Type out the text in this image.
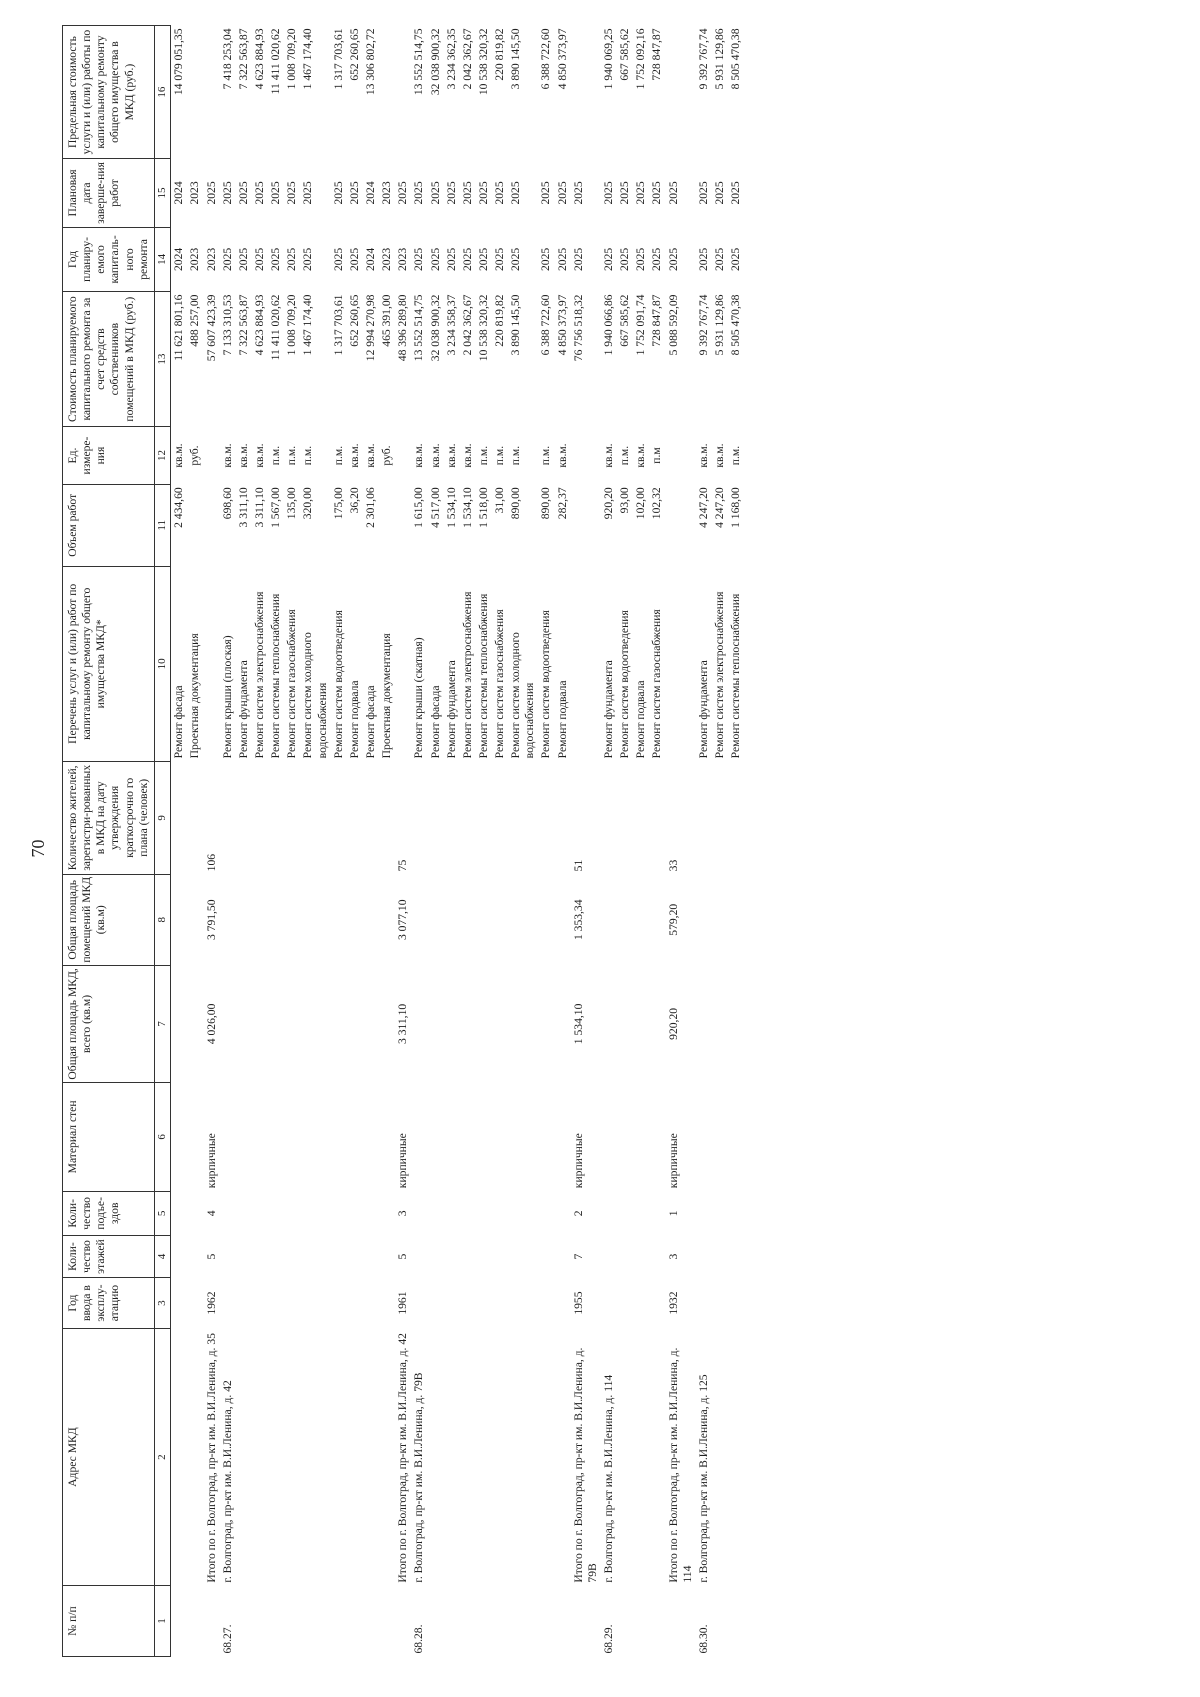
70
№ п/п	Адрес МКД	Год ввода в эксплу-атацию	Коли-чество этажей	Коли-чество подъе-здов	Материал стен	Общая площадь МКД, всего (кв.м)	Общая площадь помещений МКД (кв.м)	Количество жителей, зарегистри-рованных в МКД на дату утверждения краткосрочно го плана (человек)	Перечень услуг и (или) работ по капитальному ремонту общего имущества МКД*	Объем работ	Ед. измере-ния	Стоимость планируемого капитального ремонта за счет средств собственников помещений в МКД (руб.)	Год планиру-емого капиталь-ного ремонта	Плановая дата заверше-ния работ	Предельная стоимость услуги и (или) работы по капитальному ремонту общего имущества в МКД (руб.)
1	2	3	4	5	6	7	8	9	10	11	12	13	14	15	16
									Ремонт фасада	2 434,60	кв.м.	11 621 801,16	2024	2024	14 079 051,35
									Проектная документация		руб.	488 257,00	2023	2023	
	Итого по г. Волгоград, пр-кт им. В.И.Ленина, д. 35	1962	5	4	кирпичные	4 026,00	3 791,50	106				57 607 423,39	2023	2025	
68.27.	г. Волгоград, пр-кт им. В.И.Ленина, д. 42								Ремонт крыши (плоская)	698,60	кв.м.	7 133 310,53	2025	2025	7 418 253,04
									Ремонт фундамента	3 311,10	кв.м.	7 322 563,87	2025	2025	7 322 563,87
									Ремонт систем электроснабжения	3 311,10	кв.м.	4 623 884,93	2025	2025	4 623 884,93
									Ремонт системы теплоснабжения	1 567,00	п.м.	11 411 020,62	2025	2025	11 411 020,62
									Ремонт систем газоснабжения	135,00	п.м.	1 008 709,20	2025	2025	1 008 709,20
									Ремонт систем холодного водоснабжения	320,00	п.м.	1 467 174,40	2025	2025	1 467 174,40
									Ремонт систем водоотведения	175,00	п.м.	1 317 703,61	2025	2025	1 317 703,61
									Ремонт подвала	36,20	кв.м.	652 260,65	2025	2025	652 260,65
									Ремонт фасада	2 301,06	кв.м.	12 994 270,98	2024	2024	13 306 802,72
									Проектная документация		руб.	465 391,00	2023	2023	
	Итого по г. Волгоград, пр-кт им. В.И.Ленина, д. 42	1961	5	3	кирпичные	3 311,10	3 077,10	75				48 396 289,80	2023	2025	
68.28.	г. Волгоград, пр-кт им. В.И.Ленина, д. 79В								Ремонт крыши (скатная)	1 615,00	кв.м.	13 552 514,75	2025	2025	13 552 514,75
									Ремонт фасада	4 517,00	кв.м.	32 038 900,32	2025	2025	32 038 900,32
									Ремонт фундамента	1 534,10	кв.м.	3 234 358,37	2025	2025	3 234 362,35
									Ремонт систем электроснабжения	1 534,10	кв.м.	2 042 362,67	2025	2025	2 042 362,67
									Ремонт системы теплоснабжения	1 518,00	п.м.	10 538 320,32	2025	2025	10 538 320,32
									Ремонт систем газоснабжения	31,00	п.м.	220 819,82	2025	2025	220 819,82
									Ремонт систем холодного водоснабжения	890,00	п.м.	3 890 145,50	2025	2025	3 890 145,50
									Ремонт систем водоотведения	890,00	п.м.	6 388 722,60	2025	2025	6 388 722,60
									Ремонт подвала	282,37	кв.м.	4 850 373,97	2025	2025	4 850 373,97
	Итого по г. Волгоград, пр-кт им. В.И.Ленина, д. 79В	1955	7	2	кирпичные	1 534,10	1 353,34	51				76 756 518,32	2025	2025	
68.29.	г. Волгоград, пр-кт им. В.И.Ленина, д. 114								Ремонт фундамента	920,20	кв.м.	1 940 066,86	2025	2025	1 940 069,25
									Ремонт систем водоотведения	93,00	п.м.	667 585,62	2025	2025	667 585,62
									Ремонт подвала	102,00	кв.м.	1 752 091,74	2025	2025	1 752 092,16
									Ремонт систем газоснабжения	102,32	п.м	728 847,87	2025	2025	728 847,87
	Итого по г. Волгоград, пр-кт им. В.И.Ленина, д. 114	1932	3	1	кирпичные	920,20	579,20	33				5 088 592,09	2025	2025	
68.30.	г. Волгоград, пр-кт им. В.И.Ленина, д. 125								Ремонт фундамента	4 247,20	кв.м.	9 392 767,74	2025	2025	9 392 767,74
									Ремонт систем электроснабжения	4 247,20	кв.м.	5 931 129,86	2025	2025	5 931 129,86
									Ремонт системы теплоснабжения	1 168,00	п.м.	8 505 470,38	2025	2025	8 505 470,38
